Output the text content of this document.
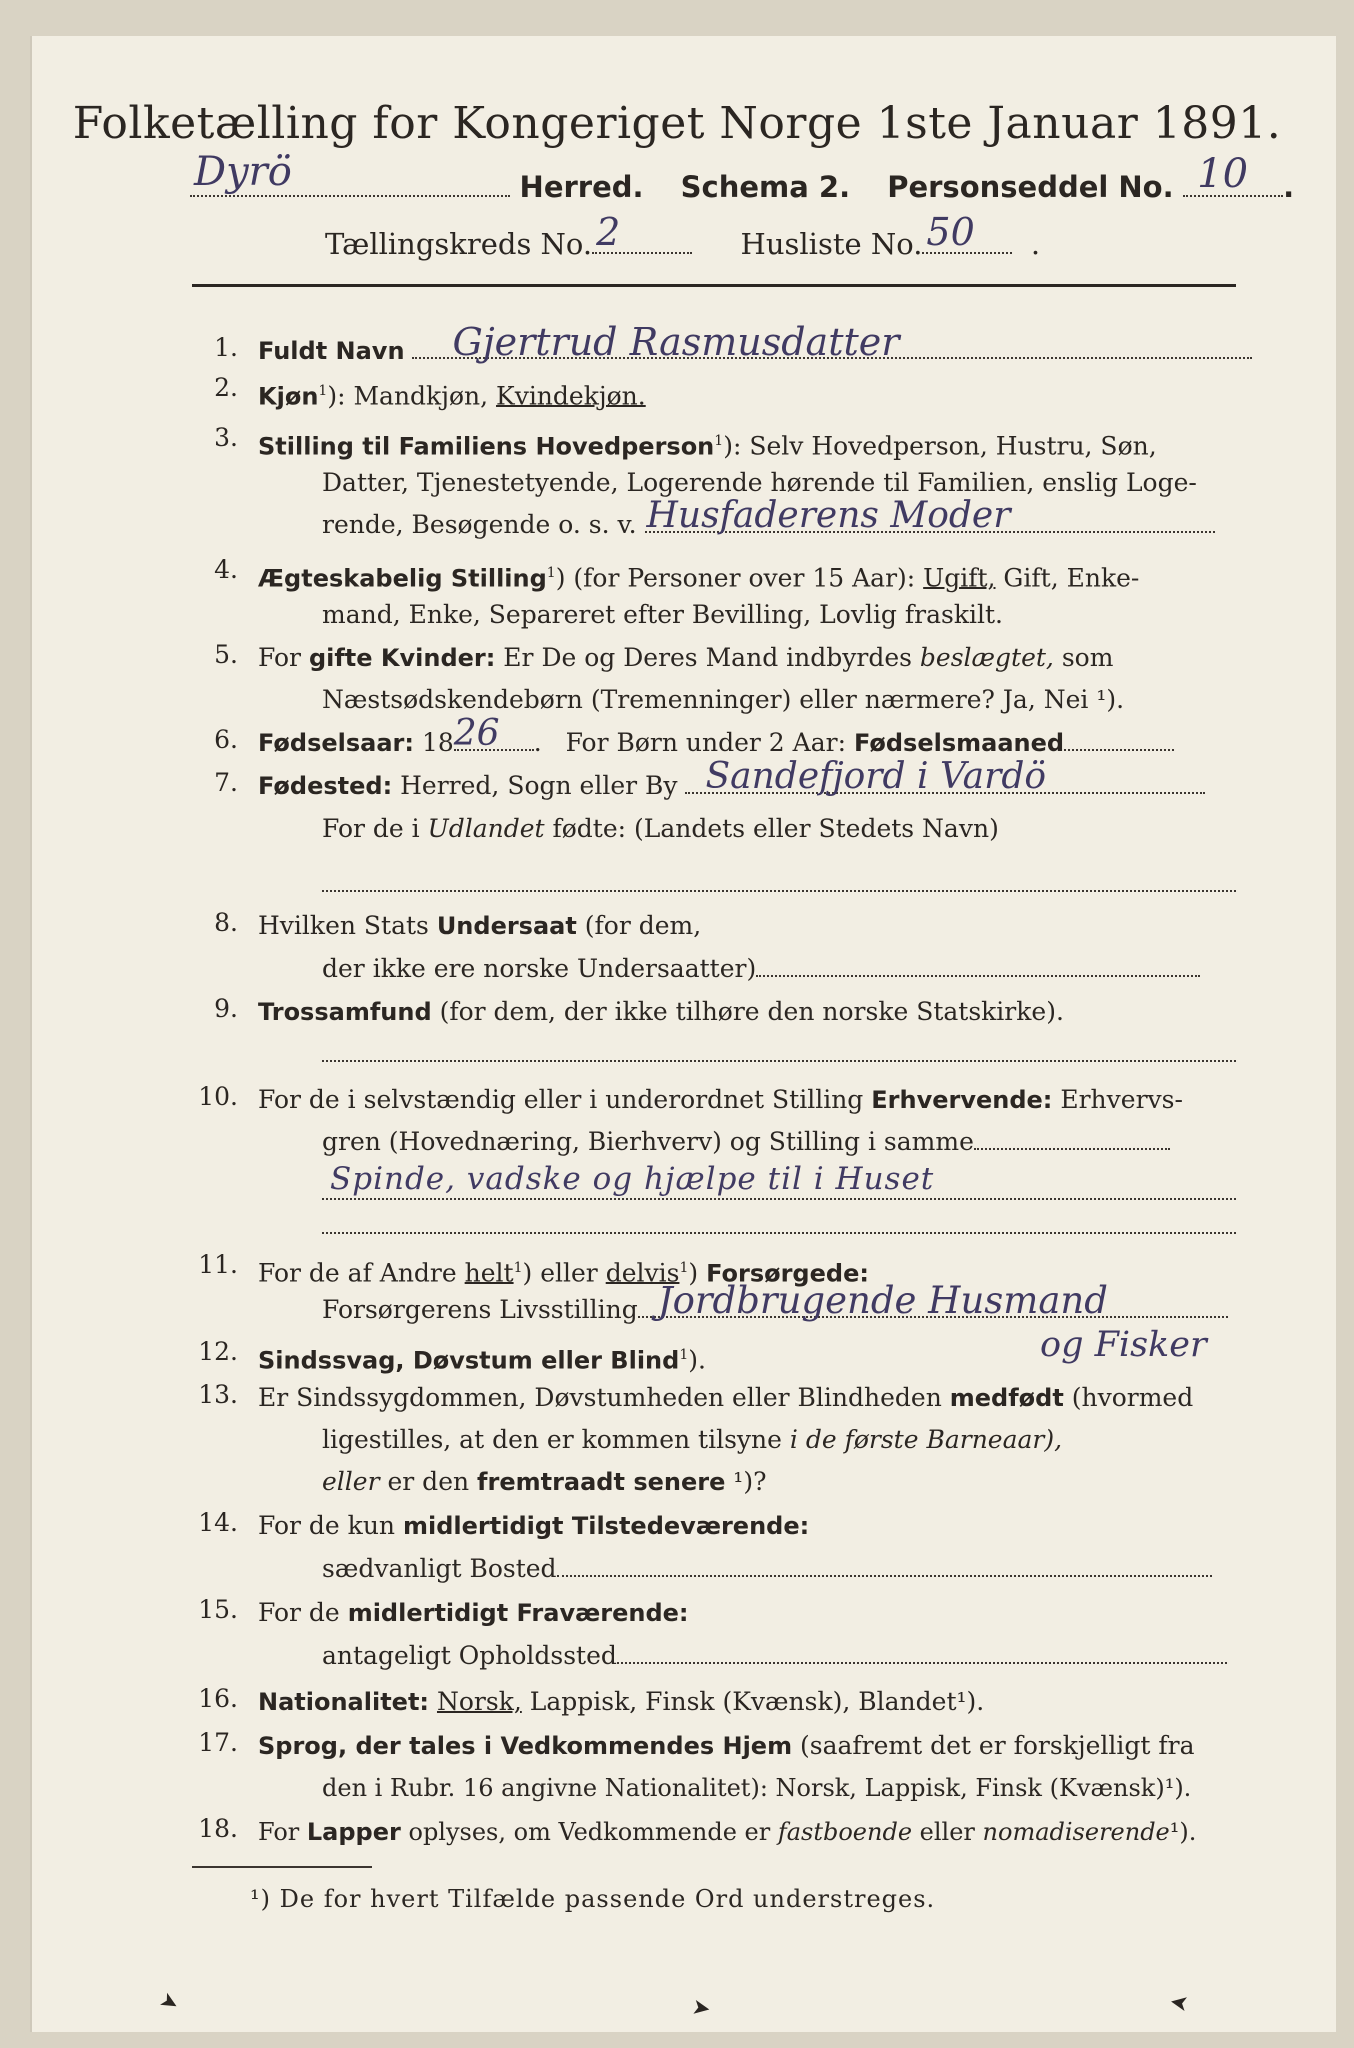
Folketælling for Kongeriget Norge 1ste Januar 1891.
Dyrö	Herred. Schema 2. Personseddel No. 10 .
Tællingskreds No. 2	Husliste No. 50 .
1. Fuldt Navn Gjertrud Rasmusdatter
2. Kjøn$^1$): Mandkjøn, Kvindekjøn.
3. Stilling til Familiens Hovedperson$^1$): Selv Hovedperson, Hustru, Søn,
Datter, Tjenestetyende, Logerende hørende til Familien, enslig Loge-
rende, Besøgende o. s. v. Husfaderens Moder
4. Ægteskabelig Stilling$^1$) (for Personer over 15 Aar): Ugift, Gift, Enke-
mand, Enke, Separeret efter Bevilling, Lovlig fraskilt.
5. For gifte Kvinder: Er De og Deres Mand indbyrdes beslægtet, som
Næstsødskendebørn (Tremenninger) eller nærmere? Ja, Nei ¹).
6. Fødselsaar: 18 26 .   For Børn under 2 Aar: Fødselsmaaned
7. Fødested: Herred, Sogn eller By Sandefjord i Vardö
For de i Udlandet fødte: (Landets eller Stedets Navn)
8. Hvilken Stats Undersaat (for dem,
der ikke ere norske Undersaatter)
9. Trossamfund (for dem, der ikke tilhøre den norske Statskirke).
10. For de i selvstændig eller i underordnet Stilling Erhvervende: Erhvervs-
gren (Hovednæring, Bierhverv) og Stilling i samme
Spinde, vadske og hjælpe til i Huset
11. For de af Andre helt$^1$) eller delvis$^1$) Forsørgede:
Forsørgerens Livsstilling Jordbrugende Husmand
og Fisker
12. Sindssvag, Døvstum eller Blind$^1$).
13. Er Sindssygdommen, Døvstumheden eller Blindheden medfødt (hvormed
ligestilles, at den er kommen tilsyne i de første Barneaar),
eller er den fremtraadt senere ¹)?
14. For de kun midlertidigt Tilstedeværende:
sædvanligt Bosted
15. For de midlertidigt Fraværende:
antageligt Opholdssted
16. Nationalitet: Norsk, Lappisk, Finsk (Kvænsk), Blandet¹).
17. Sprog, der tales i Vedkommendes Hjem (saafremt det er forskjelligt fra
den i Rubr. 16 angivne Nationalitet): Norsk, Lappisk, Finsk (Kvænsk)¹).
18. For Lapper oplyses, om Vedkommende er fastboende eller nomadiserende¹).
¹) De for hvert Tilfælde passende Ord understreges.
➤	➤	➤
